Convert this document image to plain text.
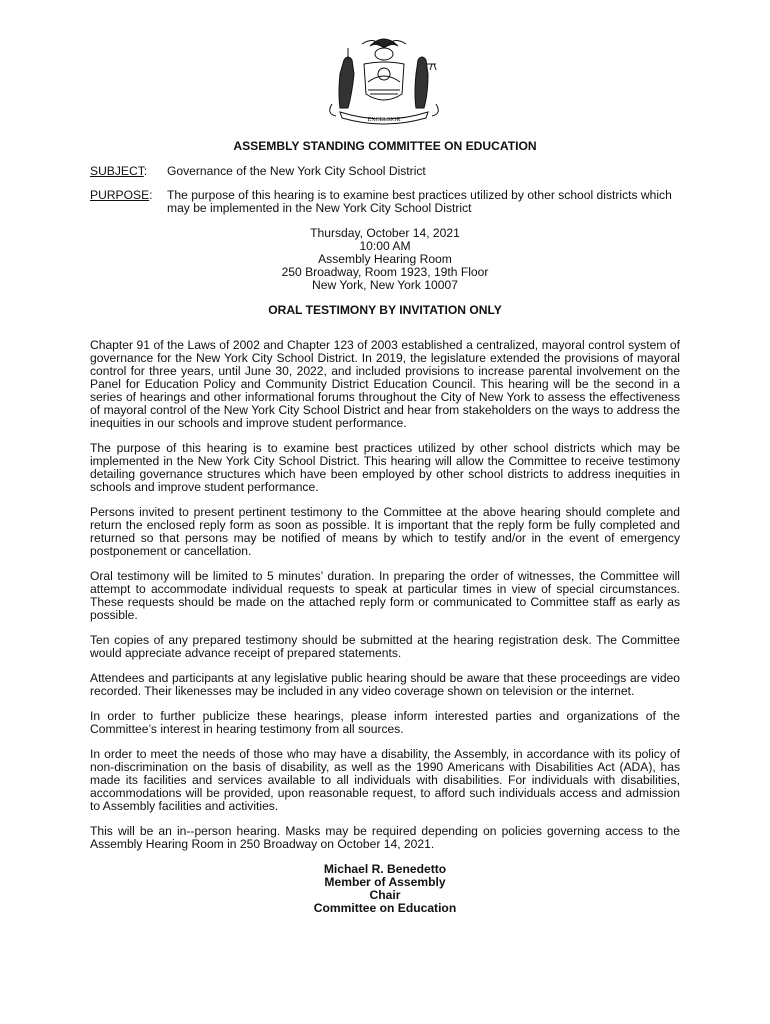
EXCELSIOR

ASSEMBLY STANDING COMMITTEE ON EDUCATION

SUBJECT:	Governance of the New York City School District
PURPOSE:	The purpose of this hearing is to examine best practices utilized by other school districts which may be implemented in the New York City School District
Thursday, October 14, 2021
10:00 AM
Assembly Hearing Room
250 Broadway, Room 1923, 19th Floor
New York, New York 10007
ORAL TESTIMONY BY INVITATION ONLY

Chapter 91 of the Laws of 2002 and Chapter 123 of 2003 established a centralized, mayoral control system of governance for the New York City School District. In 2019, the legislature extended the provisions of mayoral control for three years, until June 30, 2022, and included provisions to increase parental involvement on the Panel for Education Policy and Community District Education Council. This hearing will be the second in a series of hearings and other informational forums throughout the City of New York to assess the effectiveness of mayoral control of the New York City School District and hear from stakeholders on the ways to address the inequities in our schools and improve student performance.

The purpose of this hearing is to examine best practices utilized by other school districts which may be implemented in the New York City School District. This hearing will allow the Committee to receive testimony detailing governance structures which have been employed by other school districts to address inequities in schools and improve student performance.

Persons invited to present pertinent testimony to the Committee at the above hearing should complete and return the enclosed reply form as soon as possible. It is important that the reply form be fully completed and returned so that persons may be notified of means by which to testify and/or in the event of emergency postponement or cancellation.

Oral testimony will be limited to 5 minutes’ duration. In preparing the order of witnesses, the Committee will attempt to accommodate individual requests to speak at particular times in view of special circumstances. These requests should be made on the attached reply form or communicated to Committee staff as early as possible.

Ten copies of any prepared testimony should be submitted at the hearing registration desk. The Committee would appreciate advance receipt of prepared statements.

Attendees and participants at any legislative public hearing should be aware that these proceedings are video recorded. Their likenesses may be included in any video coverage shown on television or the internet.

In order to further publicize these hearings, please inform interested parties and organizations of the Committee’s interest in hearing testimony from all sources.

In order to meet the needs of those who may have a disability, the Assembly, in accordance with its policy of non-discrimination on the basis of disability, as well as the 1990 Americans with Disabilities Act (ADA), has made its facilities and services available to all individuals with disabilities. For individuals with disabilities, accommodations will be provided, upon reasonable request, to afford such individuals access and admission to Assembly facilities and activities.

This will be an in--person hearing. Masks may be required depending on policies governing access to the Assembly Hearing Room in 250 Broadway on October 14, 2021.

Michael R. Benedetto
Member of Assembly
Chair
Committee on Education
